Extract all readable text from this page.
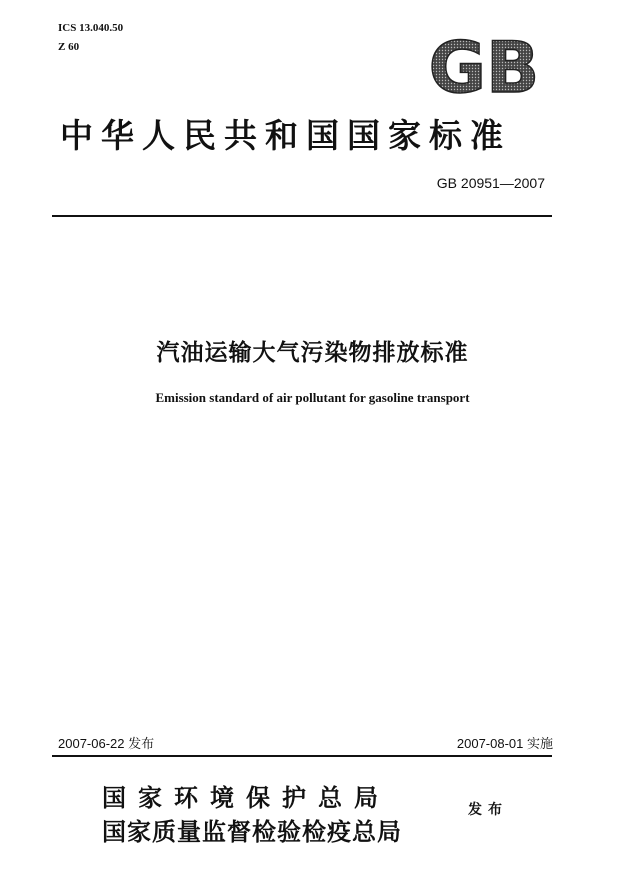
ICS 13.040.50
Z 60	GB
中华人民共和国国家标准
GB 20951—2007
汽油运输大气污染物排放标准
Emission standard of air pollutant for gasoline transport
2007-06-22 发布	2007-08-01 实施
国家环境保护总局
国家质量监督检验检疫总局
发布
